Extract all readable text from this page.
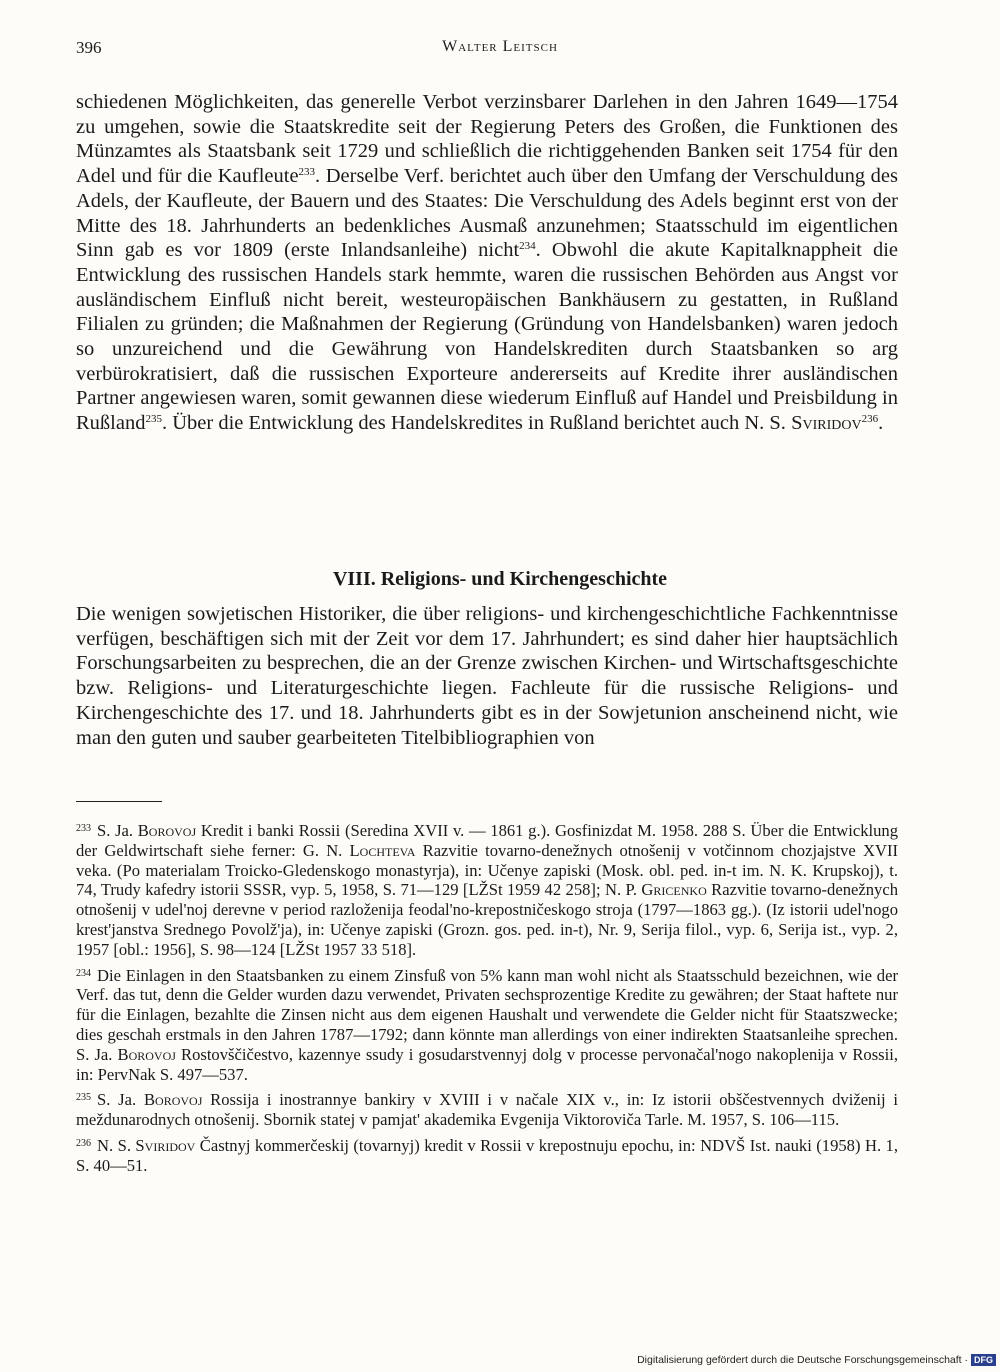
396	Walter Leitsch

schiedenen Möglichkeiten, das generelle Verbot verzinsbarer Darlehen in den Jahren 1649—1754 zu umgehen, sowie die Staatskredite seit der Regierung Peters des Großen, die Funktionen des Münzamtes als Staatsbank seit 1729 und schließlich die richtiggehenden Banken seit 1754 für den Adel und für die Kaufleute$^{233}$. Derselbe Verf. berichtet auch über den Umfang der Verschuldung des Adels, der Kaufleute, der Bauern und des Staates: Die Verschuldung des Adels beginnt erst von der Mitte des 18. Jahrhunderts an bedenkliches Ausmaß anzunehmen; Staatsschuld im eigentlichen Sinn gab es vor 1809 (erste Inlandsanleihe) nicht$^{234}$. Obwohl die akute Kapitalknappheit die Entwicklung des russischen Handels stark hemmte, waren die russischen Behörden aus Angst vor ausländischem Einfluß nicht bereit, westeuropäischen Bankhäusern zu gestatten, in Rußland Filialen zu gründen; die Maßnahmen der Regierung (Gründung von Handelsbanken) waren jedoch so unzureichend und die Gewährung von Handelskrediten durch Staatsbanken so arg verbürokratisiert, daß die russischen Exporteure andererseits auf Kredite ihrer ausländischen Partner angewiesen waren, somit gewannen diese wiederum Einfluß auf Handel und Preisbildung in Rußland$^{235}$. Über die Entwicklung des Handelskredites in Rußland berichtet auch N. S. Sviridov$^{236}$.

VIII. Religions- und Kirchengeschichte

Die wenigen sowjetischen Historiker, die über religions- und kirchengeschichtliche Fachkenntnisse verfügen, beschäftigen sich mit der Zeit vor dem 17. Jahrhundert; es sind daher hier hauptsächlich Forschungsarbeiten zu besprechen, die an der Grenze zwischen Kirchen- und Wirtschaftsgeschichte bzw. Religions- und Literaturgeschichte liegen. Fachleute für die russische Religions- und Kirchengeschichte des 17. und 18. Jahrhunderts gibt es in der Sowjetunion anscheinend nicht, wie man den guten und sauber gearbeiteten Titelbibliographien von

$^{233}$ S. Ja. Borovoj Kredit i banki Rossii (Seredina XVII v. — 1861 g.). Gosfinizdat M. 1958. 288 S. Über die Entwicklung der Geldwirtschaft siehe ferner: G. N. Lochteva Razvitie tovarno-denežnych otnošenij v votčinnom chozjajstve XVII veka. (Po materialam Troicko-Gledenskogo monastyrja), in: Učenye zapiski (Mosk. obl. ped. in-t im. N. K. Krupskoj), t. 74, Trudy kafedry istorii SSSR, vyp. 5, 1958, S. 71—129 [LŽSt 1959 42 258]; N. P. Gricenko Razvitie tovarno-denežnych otnošenij v udel'noj derevne v period razloženija feodal'no-krepostničeskogo stroja (1797—1863 gg.). (Iz istorii udel'nogo krest'janstva Srednego Povolž'ja), in: Učenye zapiski (Grozn. gos. ped. in-t), Nr. 9, Serija filol., vyp. 6, Serija ist., vyp. 2, 1957 [obl.: 1956], S. 98—124 [LŽSt 1957 33 518].

$^{234}$ Die Einlagen in den Staatsbanken zu einem Zinsfuß von 5% kann man wohl nicht als Staatsschuld bezeichnen, wie der Verf. das tut, denn die Gelder wurden dazu verwendet, Privaten sechsprozentige Kredite zu gewähren; der Staat haftete nur für die Einlagen, bezahlte die Zinsen nicht aus dem eigenen Haushalt und verwendete die Gelder nicht für Staatszwecke; dies geschah erstmals in den Jahren 1787—1792; dann könnte man allerdings von einer indirekten Staatsanleihe sprechen. S. Ja. Borovoj Rostovščičestvo, kazennye ssudy i gosudarstvennyj dolg v processe pervonačal'nogo nakoplenija v Rossii, in: PervNak S. 497—537.

$^{235}$ S. Ja. Borovoj Rossija i inostrannye bankiry v XVIII i v načale XIX v., in: Iz istorii obščestvennych dviženij i meždunarodnych otnošenij. Sbornik statej v pamjat' akademika Evgenija Viktoroviča Tarle. M. 1957, S. 106—115.

$^{236}$ N. S. Sviridov Častnyj kommerčeskij (tovarnyj) kredit v Rossii v krepostnuju epochu, in: NDVŠ Ist. nauki (1958) H. 1, S. 40—51.

Digitalisierung gefördert durch die Deutsche Forschungsgemeinschaft · DFG
